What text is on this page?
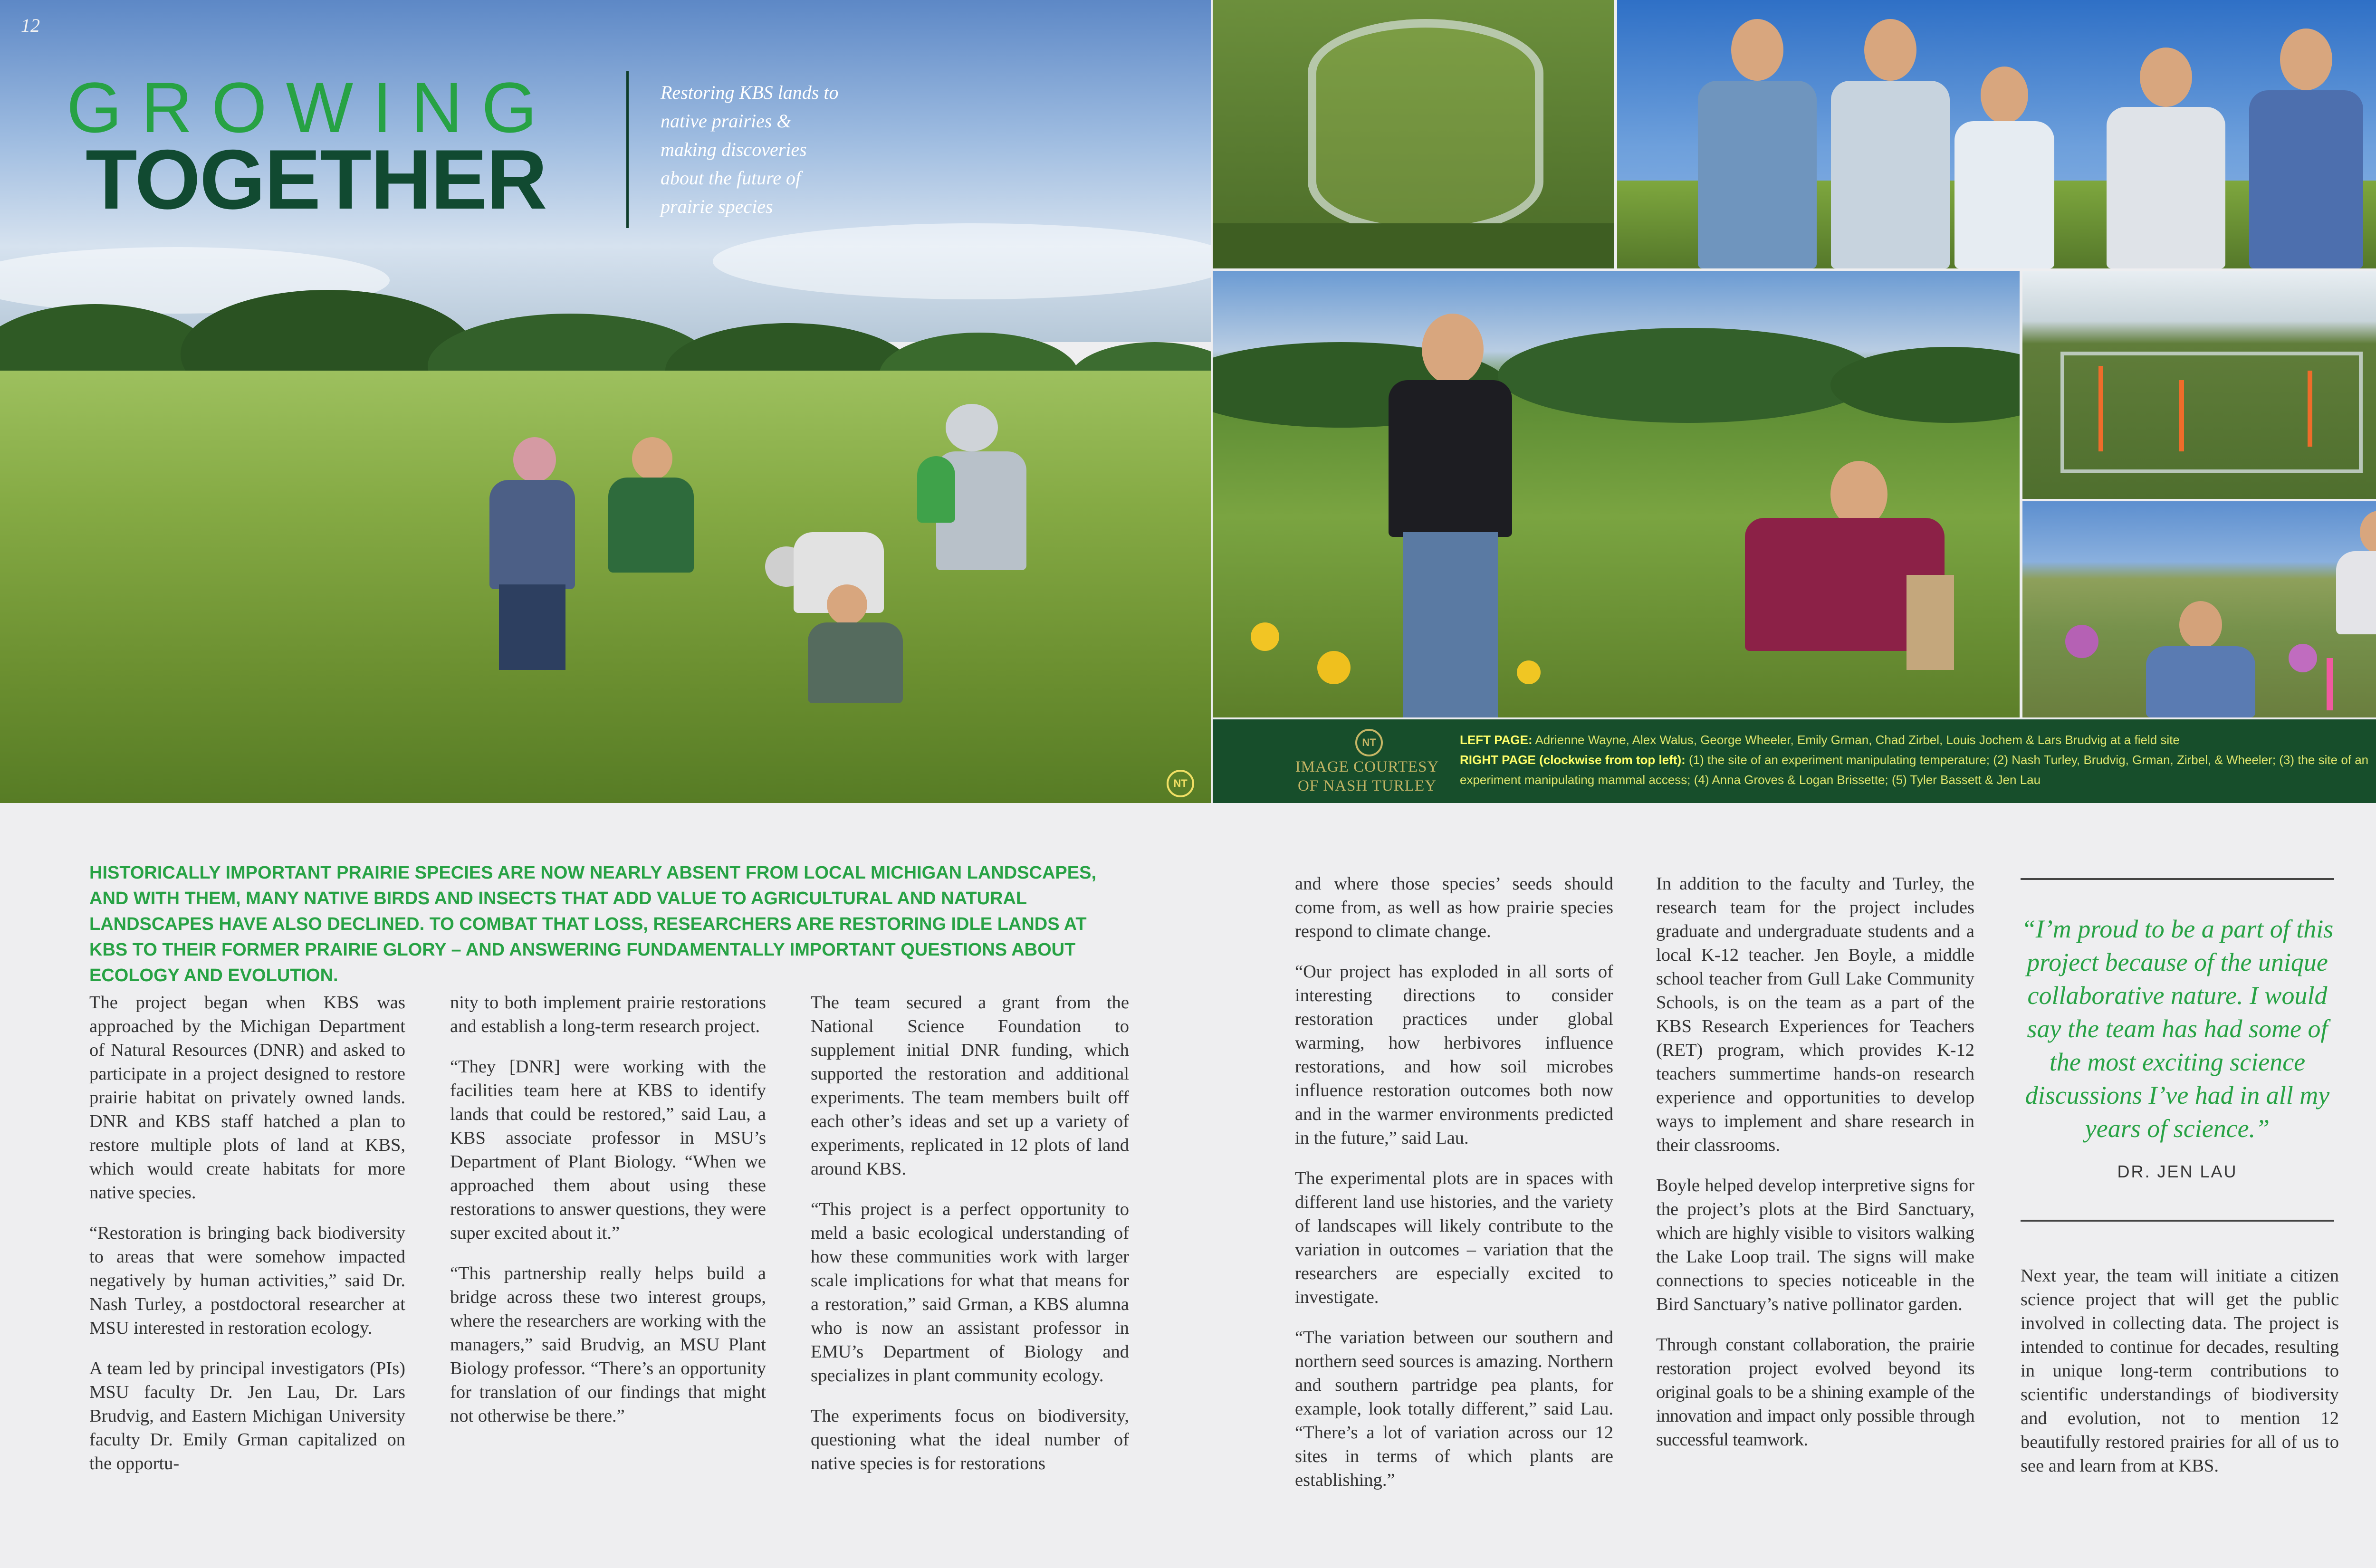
12
GROWING
TOGETHER
Restoring KBS lands to native prairies & making discoveries about the future of prairie species
NT
NT
IMAGE COURTESY
OF NASH TURLEY
LEFT PAGE: Adrienne Wayne, Alex Walus, George Wheeler, Emily Grman, Chad Zirbel, Louis Jochem & Lars Brudvig at a field site
RIGHT PAGE (clockwise from top left): (1) the site of an experiment manipulating temperature; (2) Nash Turley, Brudvig, Grman, Zirbel, & Wheeler; (3) the site of an experiment manipulating mammal access; (4) Anna Groves & Logan Brissette; (5) Tyler Bassett & Jen Lau
HISTORICALLY IMPORTANT PRAIRIE SPECIES ARE NOW NEARLY ABSENT FROM LOCAL MICHIGAN LANDSCAPES, AND WITH THEM, MANY NATIVE BIRDS AND INSECTS THAT ADD VALUE TO AGRICULTURAL AND NATURAL LANDSCAPES HAVE ALSO DECLINED. TO COMBAT THAT LOSS, RESEARCHERS ARE RESTORING IDLE LANDS AT KBS TO THEIR FORMER PRAIRIE GLORY – AND ANSWERING FUNDAMENTALLY IMPORTANT QUESTIONS ABOUT ECOLOGY AND EVOLUTION.

The project began when KBS was approached by the Michigan Department of Natural Resources (DNR) and asked to participate in a project designed to restore prairie habitat on privately owned lands. DNR and KBS staff hatched a plan to restore multiple plots of land at KBS, which would create habitats for more native species.

“Restoration is bringing back biodiversity to areas that were somehow impacted negatively by human activities,” said Dr. Nash Turley, a postdoctoral researcher at MSU interested in restoration ecology.

A team led by principal investigators (PIs) MSU faculty Dr. Jen Lau, Dr. Lars Brudvig, and Eastern Michigan University faculty Dr. Emily Grman capitalized on the opportu-

nity to both implement prairie restorations and establish a long-term research project.

“They [DNR] were working with the facilities team here at KBS to identify lands that could be restored,” said Lau, a KBS associate professor in MSU’s Department of Plant Biology. “When we approached them about using these restorations to answer questions, they were super excited about it.”

“This partnership really helps build a bridge across these two interest groups, where the researchers are working with the managers,” said Brudvig, an MSU Plant Biology professor. “There’s an opportunity for translation of our findings that might not otherwise be there.”

The team secured a grant from the National Science Foundation to supplement initial DNR funding, which supported the restoration and additional experiments. The team members built off each other’s ideas and set up a variety of experiments, replicated in 12 plots of land around KBS.

“This project is a perfect opportunity to meld a basic ecological understanding of how these communities work with larger scale implications for what that means for a restoration,” said Grman, a KBS alumna who is now an assistant professor in EMU’s Department of Biology and specializes in plant community ecology.

The experiments focus on biodiversity, questioning what the ideal number of native species is for restorations

and where those species’ seeds should come from, as well as how prairie species respond to climate change.

“Our project has exploded in all sorts of interesting directions to consider restoration practices under global warming, how herbivores influence restorations, and how soil microbes influence restoration outcomes both now and in the warmer environments predicted in the future,” said Lau.

The experimental plots are in spaces with different land use histories, and the variety of landscapes will likely contribute to the variation in outcomes – variation that the researchers are especially excited to investigate.

“The variation between our southern and northern seed sources is amazing. Northern and southern partridge pea plants, for example, look totally different,” said Lau. “There’s a lot of variation across our 12 sites in terms of which plants are establishing.”

In addition to the faculty and Turley, the research team for the project includes graduate and undergraduate students and a local K-12 teacher. Jen Boyle, a middle school teacher from Gull Lake Community Schools, is on the team as a part of the KBS Research Experiences for Teachers (RET) program, which provides K-12 teachers summertime hands-on research experience and opportunities to develop ways to implement and share research in their classrooms.

Boyle helped develop interpretive signs for the project’s plots at the Bird Sanctuary, which are highly visible to visitors walking the Lake Loop trail. The signs will make connections to species noticeable in the Bird Sanctuary’s native pollinator garden.

Through constant collaboration, the prairie restoration project evolved beyond its original goals to be a shining example of the innovation and impact only possible through successful teamwork.

“I’m proud to be a part of this project because of the unique collaborative nature. I would say the team has had some of the most exciting science discussions I’ve had in all my years of science.”
DR. JEN LAU

Next year, the team will initiate a citizen science project that will get the public involved in collecting data. The project is intended to continue for decades, resulting in unique long-term contributions to scientific understandings of biodiversity and evolution, not to mention 12 beautifully restored prairies for all of us to see and learn from at KBS.
